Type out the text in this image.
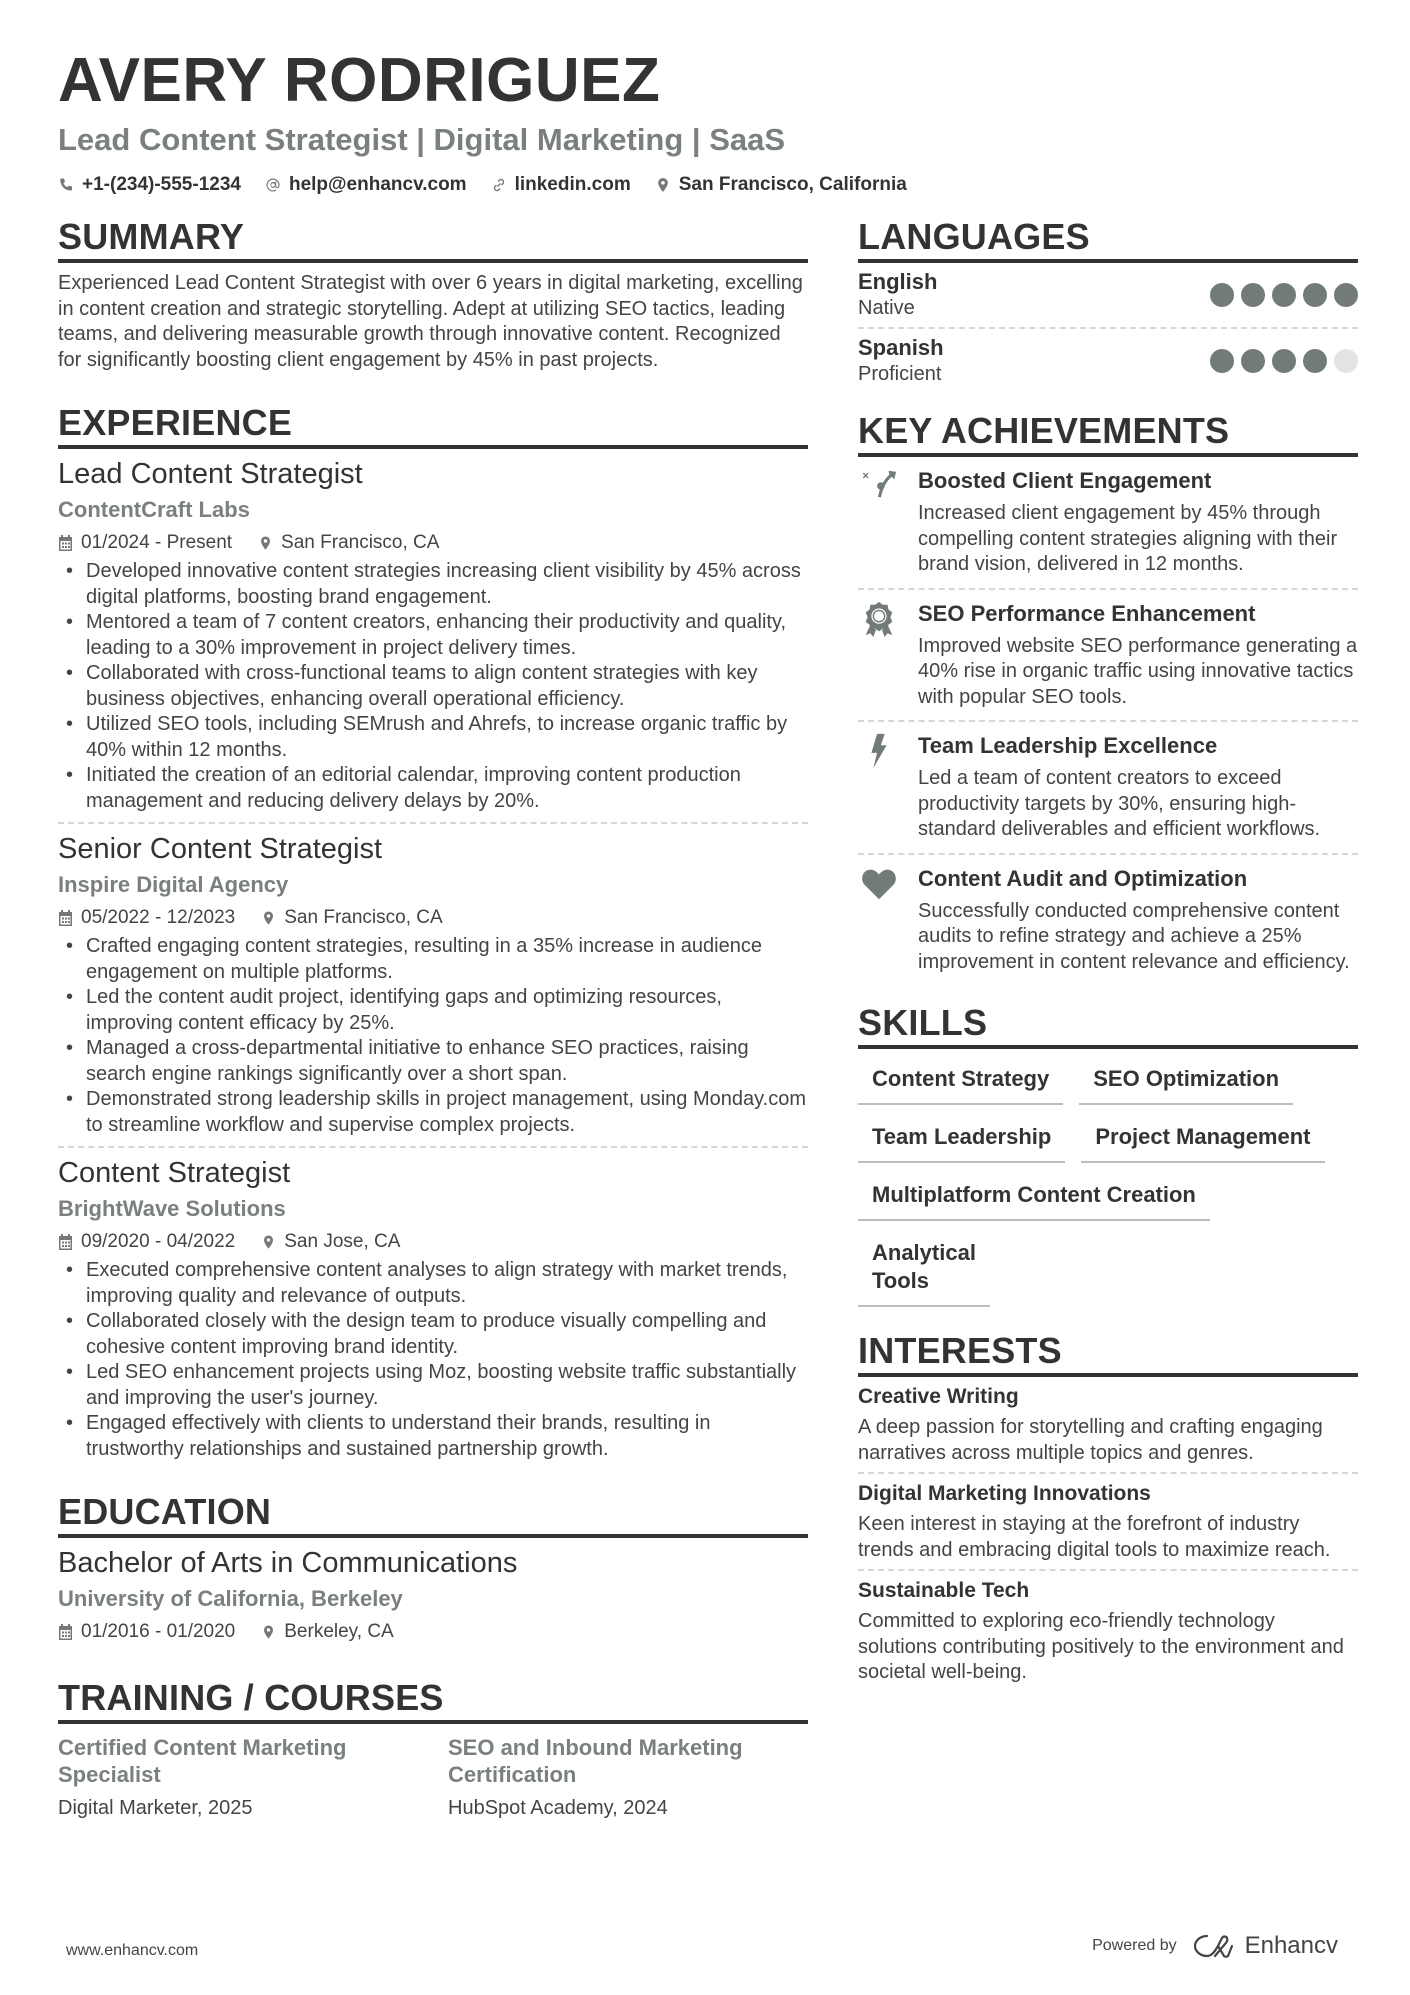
AVERY RODRIGUEZ
Lead Content Strategist | Digital Marketing | SaaS
+1-(234)-555-1234	help@enhancv.com	linkedin.com	San Francisco, California
SUMMARY
Experienced Lead Content Strategist with over 6 years in digital marketing, excelling in content creation and strategic storytelling. Adept at utilizing SEO tactics, leading teams, and delivering measurable growth through innovative content. Recognized for significantly boosting client engagement by 45% in past projects.
EXPERIENCE
Lead Content Strategist
ContentCraft Labs
01/2024 - Present	San Francisco, CA
• Developed innovative content strategies increasing client visibility by 45% across digital platforms, boosting brand engagement.
• Mentored a team of 7 content creators, enhancing their productivity and quality, leading to a 30% improvement in project delivery times.
• Collaborated with cross-functional teams to align content strategies with key business objectives, enhancing overall operational efficiency.
• Utilized SEO tools, including SEMrush and Ahrefs, to increase organic traffic by 40% within 12 months.
• Initiated the creation of an editorial calendar, improving content production management and reducing delivery delays by 20%.
Senior Content Strategist
Inspire Digital Agency
05/2022 - 12/2023	San Francisco, CA
• Crafted engaging content strategies, resulting in a 35% increase in audience engagement on multiple platforms.
• Led the content audit project, identifying gaps and optimizing resources, improving content efficacy by 25%.
• Managed a cross-departmental initiative to enhance SEO practices, raising search engine rankings significantly over a short span.
• Demonstrated strong leadership skills in project management, using Monday.com to streamline workflow and supervise complex projects.
Content Strategist
BrightWave Solutions
09/2020 - 04/2022	San Jose, CA
• Executed comprehensive content analyses to align strategy with market trends, improving quality and relevance of outputs.
• Collaborated closely with the design team to produce visually compelling and cohesive content improving brand identity.
• Led SEO enhancement projects using Moz, boosting website traffic substantially and improving the user's journey.
• Engaged effectively with clients to understand their brands, resulting in trustworthy relationships and sustained partnership growth.
EDUCATION
Bachelor of Arts in Communications
University of California, Berkeley
01/2016 - 01/2020	Berkeley, CA
TRAINING / COURSES
Certified Content Marketing Specialist
Digital Marketer, 2025
SEO and Inbound Marketing Certification
HubSpot Academy, 2024
LANGUAGES
English
Native
Spanish
Proficient
KEY ACHIEVEMENTS
Boosted Client Engagement
Increased client engagement by 45% through compelling content strategies aligning with their brand vision, delivered in 12 months.
SEO Performance Enhancement
Improved website SEO performance generating a 40% rise in organic traffic using innovative tactics with popular SEO tools.
Team Leadership Excellence
Led a team of content creators to exceed productivity targets by 30%, ensuring high-standard deliverables and efficient workflows.
Content Audit and Optimization
Successfully conducted comprehensive content audits to refine strategy and achieve a 25% improvement in content relevance and efficiency.
SKILLS
Content Strategy	SEO Optimization
Team Leadership	Project Management
Multiplatform Content Creation
Analytical Tools
INTERESTS
Creative Writing
A deep passion for storytelling and crafting engaging narratives across multiple topics and genres.
Digital Marketing Innovations
Keen interest in staying at the forefront of industry trends and embracing digital tools to maximize reach.
Sustainable Tech
Committed to exploring eco-friendly technology solutions contributing positively to the environment and societal well-being.
www.enhancv.com	Powered by	Enhancv
